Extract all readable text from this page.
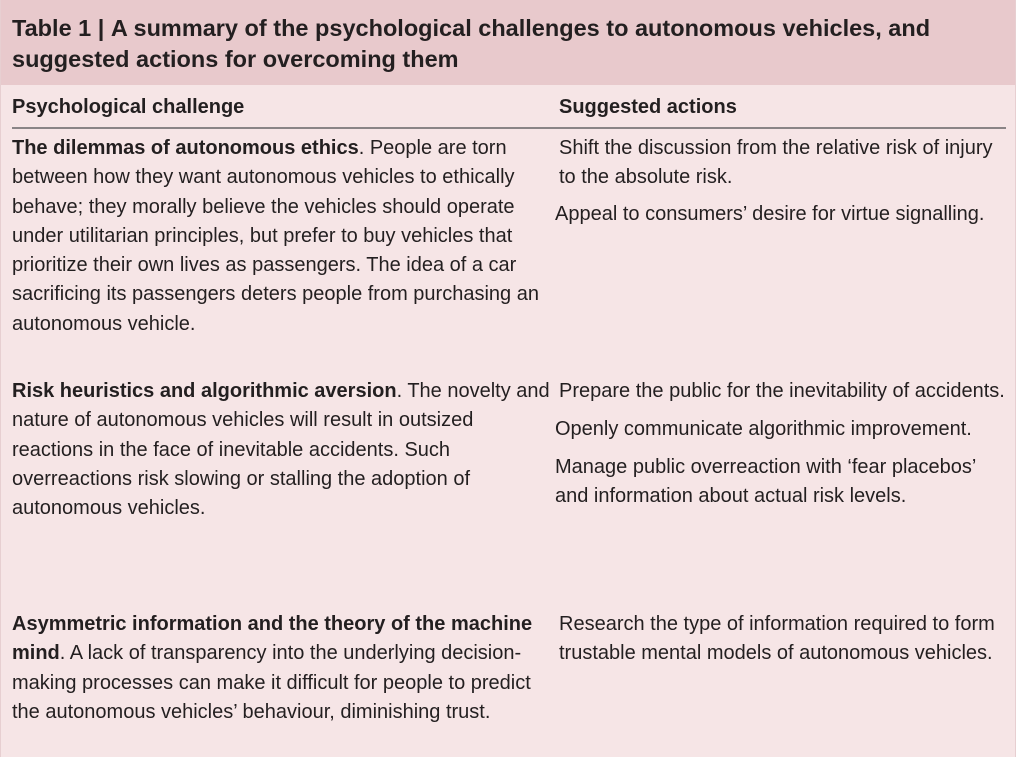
Table 1 | A summary of the psychological challenges to autonomous vehicles, and suggested actions for overcoming them
Psychological challenge	Suggested actions

The dilemmas of autonomous ethics. People are torn between how they want autonomous vehicles to ethically behave; they morally believe the vehicles should operate under utilitarian principles, but prefer to buy vehicles that prioritize their own lives as passengers. The idea of a car sacrificing its passengers deters people from purchasing an autonomous vehicle.

Shift the discussion from the relative risk of injury to the absolute risk.
Appeal to consumers’ desire for virtue signalling.

Risk heuristics and algorithmic aversion. The novelty and nature of autonomous vehicles will result in outsized reactions in the face of inevitable accidents. Such overreactions risk slowing or stalling the adoption of autonomous vehicles.

Prepare the public for the inevitability of accidents.
Openly communicate algorithmic improvement.
Manage public overreaction with ‘fear placebos’ and information about actual risk levels.

Asymmetric information and the theory of the machine mind. A lack of transparency into the underlying decision-making processes can make it difficult for people to predict the autonomous vehicles’ behaviour, diminishing trust.

Research the type of information required to form trustable mental models of autonomous vehicles.
